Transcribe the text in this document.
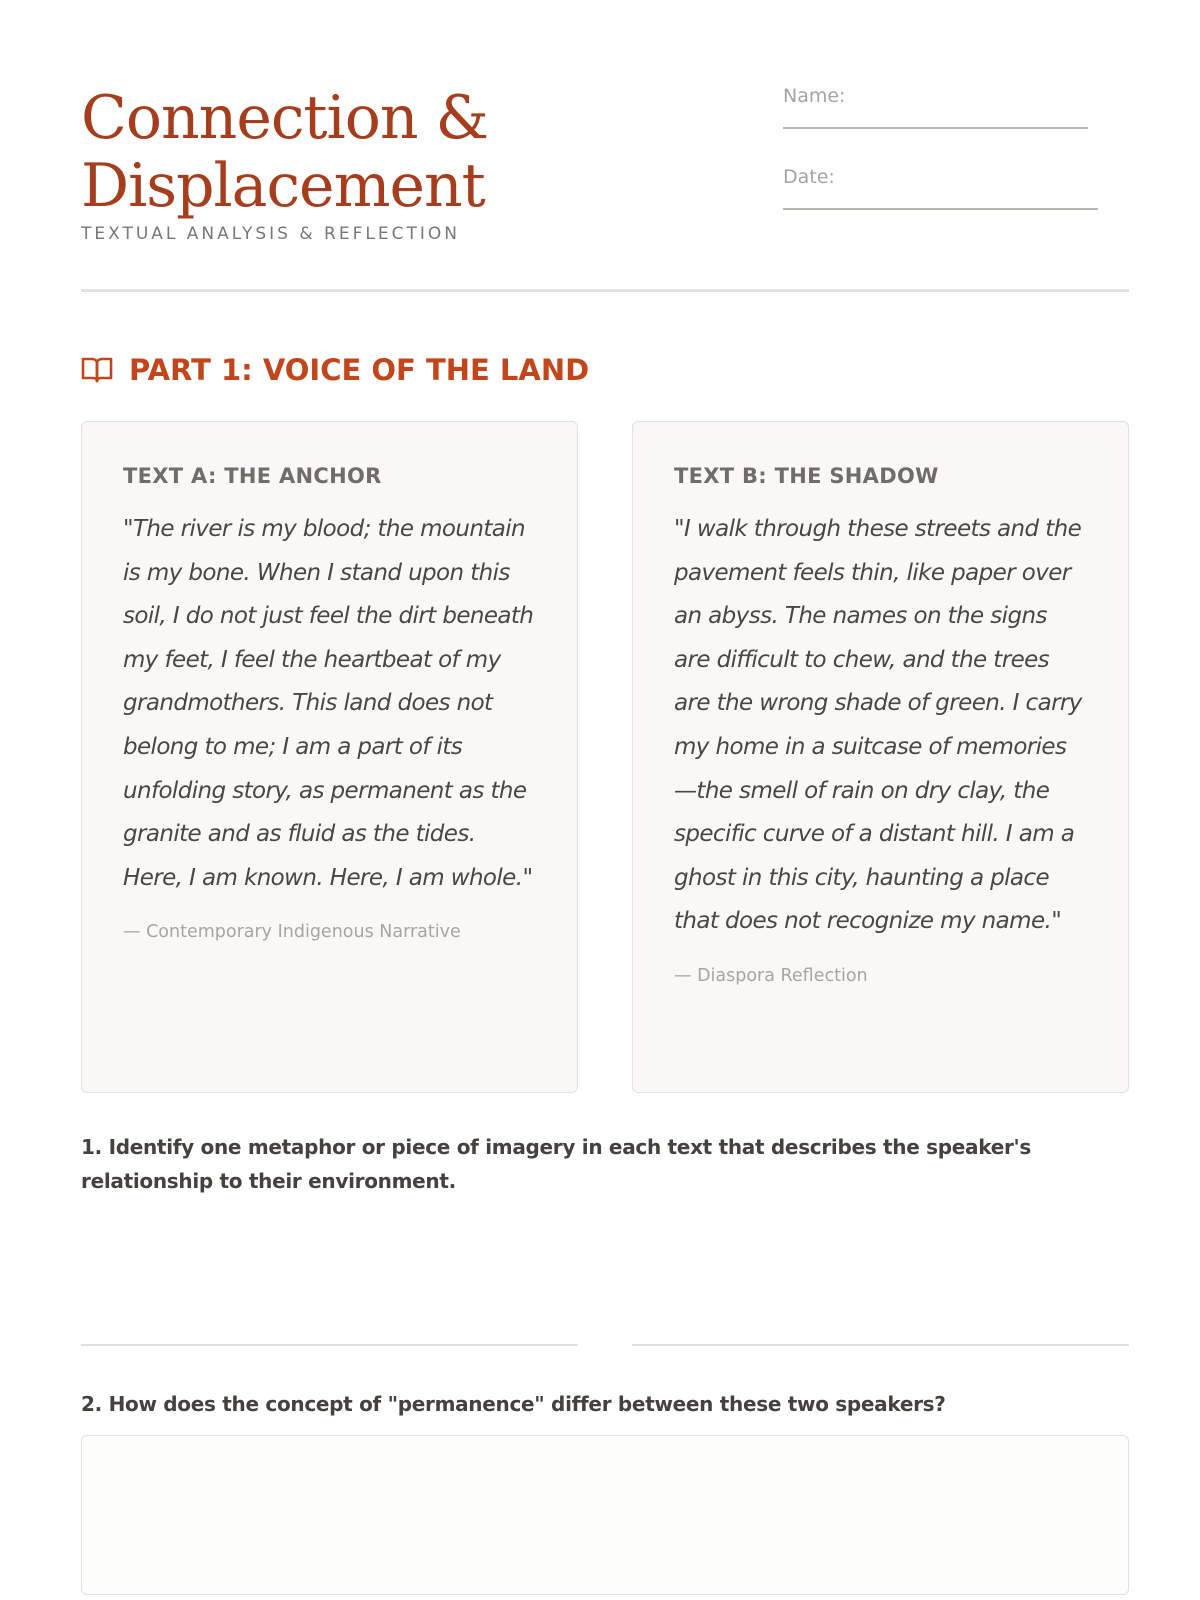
Connection & Displacement
TEXTUAL ANALYSIS & REFLECTION
Name:
Date:
PART 1: VOICE OF THE LAND
TEXT A: THE ANCHOR

"The river is my blood; the mountain is my bone. When I stand upon this soil, I do not just feel the dirt beneath my feet, I feel the heartbeat of my grandmothers. This land does not belong to me; I am a part of its unfolding story, as permanent as the granite and as fluid as the tides. Here, I am known. Here, I am whole."

— Contemporary Indigenous Narrative
TEXT B: THE SHADOW

"I walk through these streets and the pavement feels thin, like paper over an abyss. The names on the signs are difficult to chew, and the trees are the wrong shade of green. I carry my home in a suitcase of memories—the smell of rain on dry clay, the specific curve of a distant hill. I am a ghost in this city, haunting a place that does not recognize my name."

— Diaspora Reflection

1. Identify one metaphor or piece of imagery in each text that describes the speaker's relationship to their environment.

2. How does the concept of "permanence" differ between these two speakers?
